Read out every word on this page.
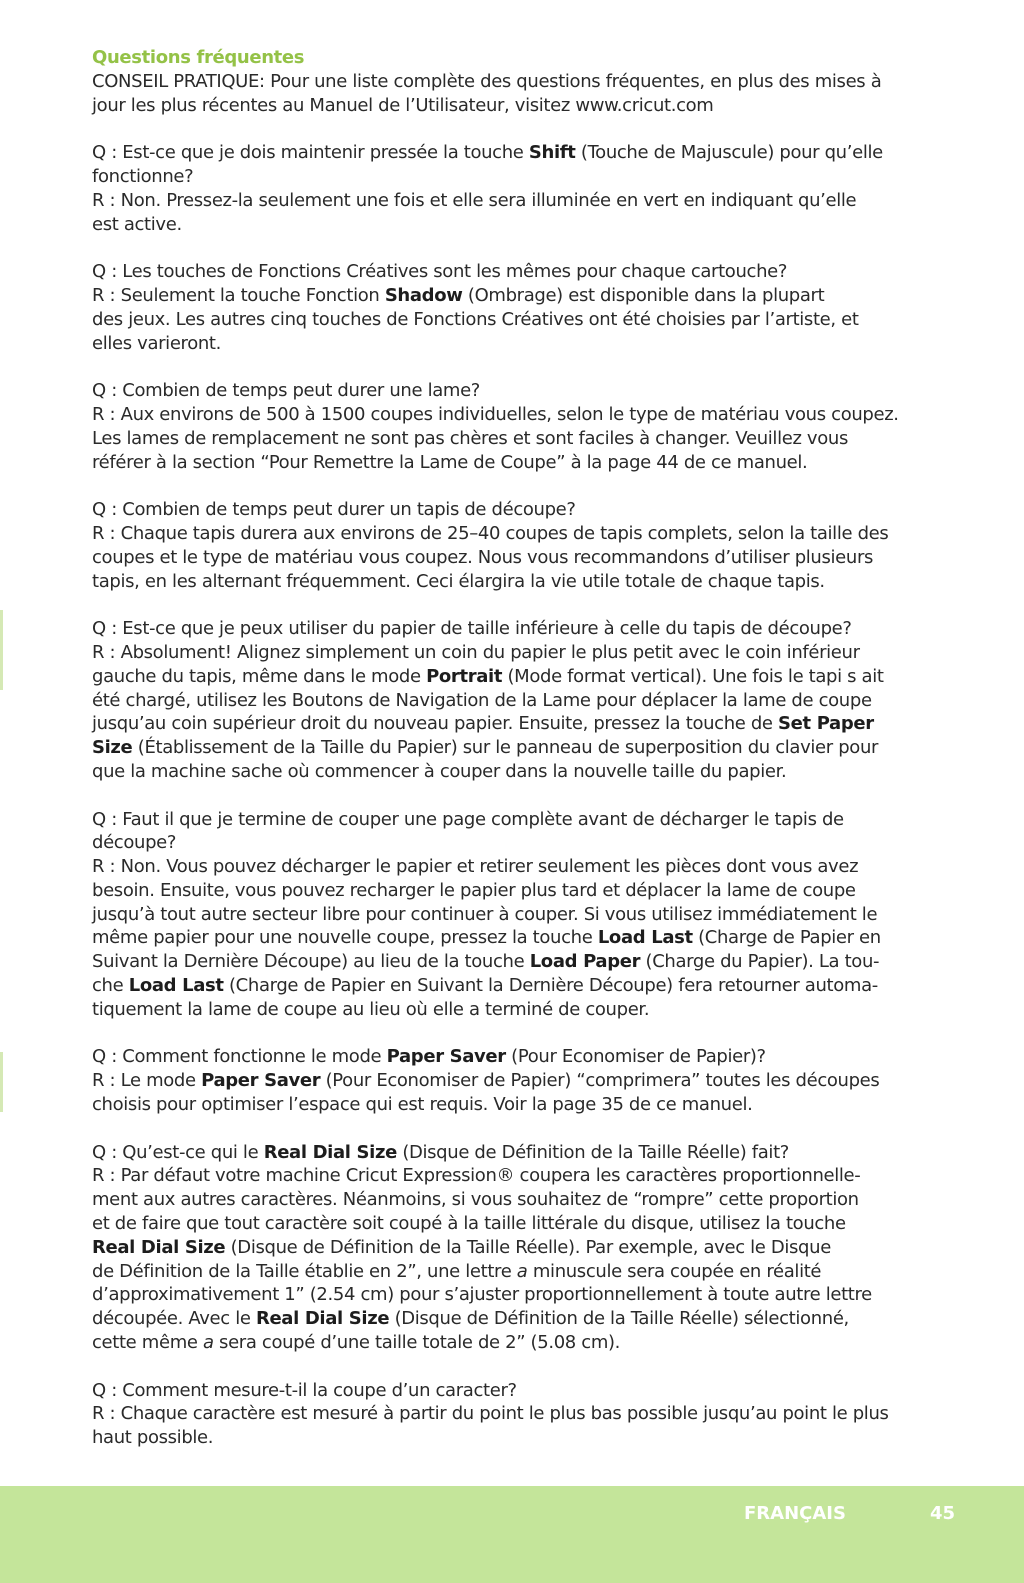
Questions fréquentes
CONSEIL PRATIQUE: Pour une liste complète des questions fréquentes, en plus des mises à
jour les plus récentes au Manuel de l’Utilisateur, visitez www.cricut.com
Q : Est-ce que je dois maintenir pressée la touche Shift (Touche de Majuscule) pour qu’elle
fonctionne?
R : Non. Pressez-la seulement une fois et elle sera illuminée en vert en indiquant qu’elle
est active.
Q : Les touches de Fonctions Créatives sont les mêmes pour chaque cartouche?
R : Seulement la touche Fonction Shadow (Ombrage) est disponible dans la plupart
des jeux. Les autres cinq touches de Fonctions Créatives ont été choisies par l’artiste, et
elles varieront.
Q : Combien de temps peut durer une lame?
R : Aux environs de 500 à 1500 coupes individuelles, selon le type de matériau vous coupez.
Les lames de remplacement ne sont pas chères et sont faciles à changer. Veuillez vous
référer à la section “Pour Remettre la Lame de Coupe” à la page 44 de ce manuel.
Q : Combien de temps peut durer un tapis de découpe?
R : Chaque tapis durera aux environs de 25–40 coupes de tapis complets, selon la taille des
coupes et le type de matériau vous coupez. Nous vous recommandons d’utiliser plusieurs
tapis, en les alternant fréquemment. Ceci élargira la vie utile totale de chaque tapis.
Q : Est-ce que je peux utiliser du papier de taille inférieure à celle du tapis de découpe?
R : Absolument! Alignez simplement un coin du papier le plus petit avec le coin inférieur
gauche du tapis, même dans le mode Portrait (Mode format vertical). Une fois le tapi s ait
été chargé, utilisez les Boutons de Navigation de la Lame pour déplacer la lame de coupe
jusqu’au coin supérieur droit du nouveau papier. Ensuite, pressez la touche de Set Paper
Size (Établissement de la Taille du Papier) sur le panneau de superposition du clavier pour
que la machine sache où commencer à couper dans la nouvelle taille du papier.
Q : Faut il que je termine de couper une page complète avant de décharger le tapis de
découpe?
R : Non. Vous pouvez décharger le papier et retirer seulement les pièces dont vous avez
besoin. Ensuite, vous pouvez recharger le papier plus tard et déplacer la lame de coupe
jusqu’à tout autre secteur libre pour continuer à couper. Si vous utilisez immédiatement le
même papier pour une nouvelle coupe, pressez la touche Load Last (Charge de Papier en
Suivant la Dernière Découpe) au lieu de la touche Load Paper (Charge du Papier). La tou-
che Load Last (Charge de Papier en Suivant la Dernière Découpe) fera retourner automa-
tiquement la lame de coupe au lieu où elle a terminé de couper.
Q : Comment fonctionne le mode Paper Saver (Pour Economiser de Papier)?
R : Le mode Paper Saver (Pour Economiser de Papier) “comprimera” toutes les découpes
choisis pour optimiser l’espace qui est requis. Voir la page 35 de ce manuel.
Q : Qu’est-ce qui le Real Dial Size (Disque de Définition de la Taille Réelle) fait?
R : Par défaut votre machine Cricut Expression® coupera les caractères proportionnelle-
ment aux autres caractères. Néanmoins, si vous souhaitez de “rompre” cette proportion
et de faire que tout caractère soit coupé à la taille littérale du disque, utilisez la touche
Real Dial Size (Disque de Définition de la Taille Réelle). Par exemple, avec le Disque
de Définition de la Taille établie en 2”, une lettre a minuscule sera coupée en réalité
d’approximativement 1” (2.54 cm) pour s’ajuster proportionnellement à toute autre lettre
découpée. Avec le Real Dial Size (Disque de Définition de la Taille Réelle) sélectionné,
cette même a sera coupé d’une taille totale de 2” (5.08 cm).
Q : Comment mesure-t-il la coupe d’un caracter?
R : Chaque caractère est mesuré à partir du point le plus bas possible jusqu’au point le plus
haut possible.
FRANÇAIS	45
